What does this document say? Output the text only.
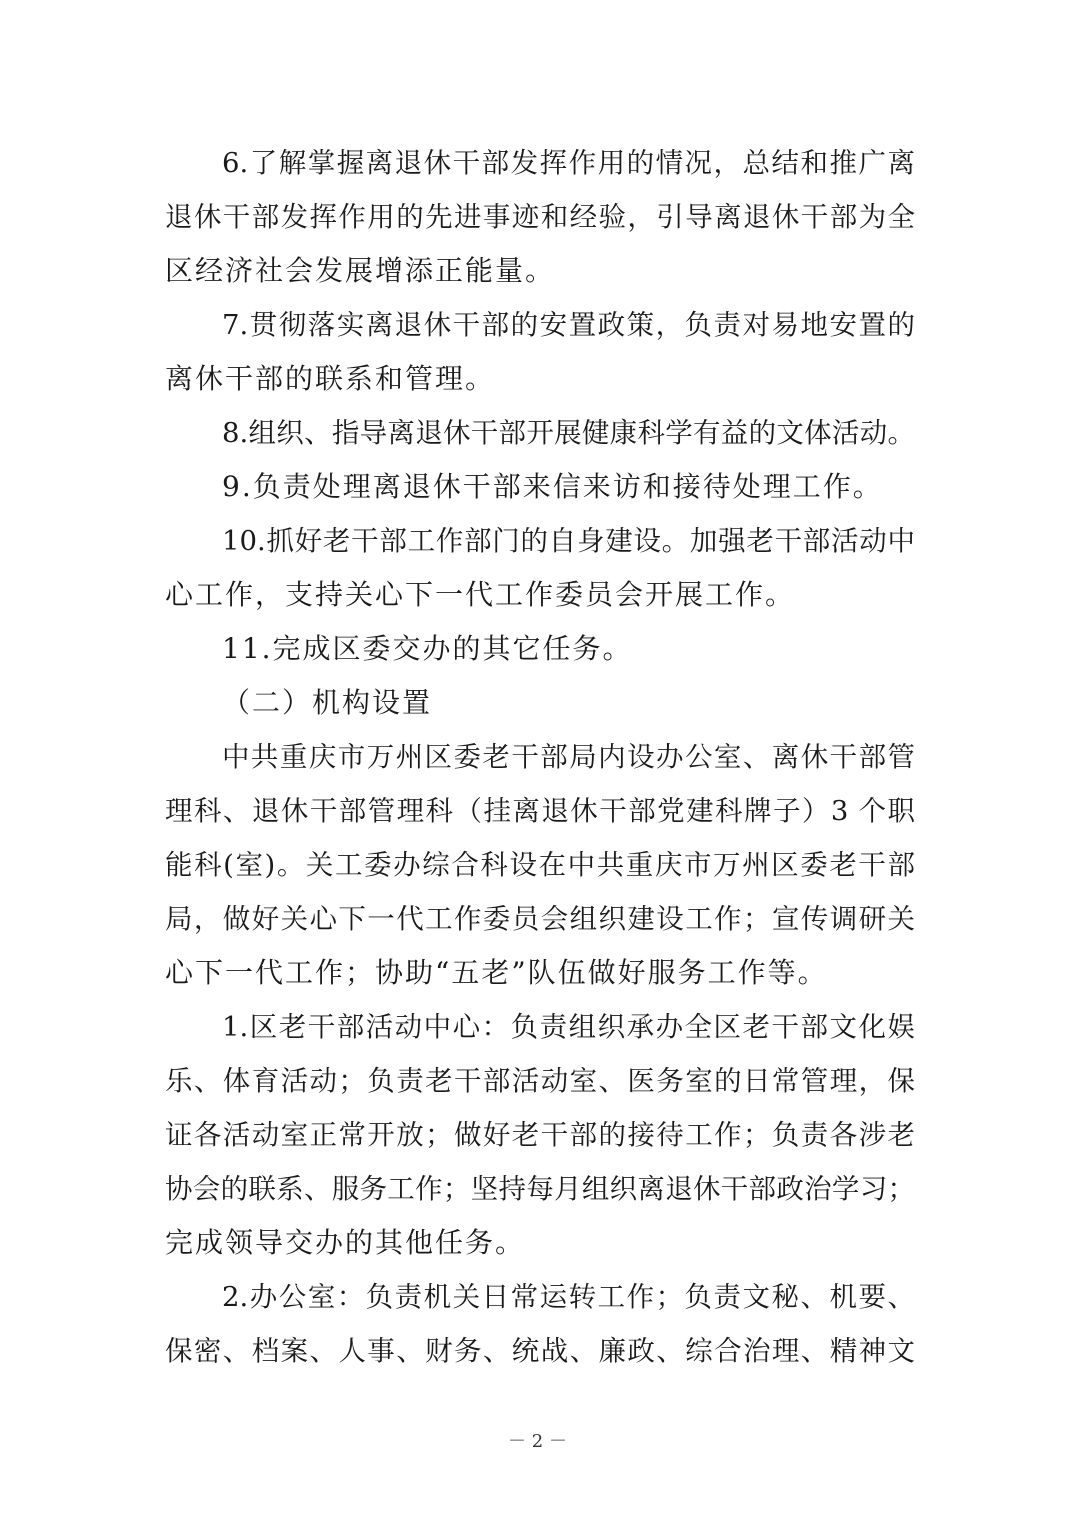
6.了解掌握离退休干部发挥作用的情况，总结和推广离
退休干部发挥作用的先进事迹和经验，引导离退休干部为全
区经济社会发展增添正能量。
7.贯彻落实离退休干部的安置政策，负责对易地安置的
离休干部的联系和管理。
8.组织、指导离退休干部开展健康科学有益的文体活动。
9.负责处理离退休干部来信来访和接待处理工作。
10.抓好老干部工作部门的自身建设。加强老干部活动中
心工作，支持关心下一代工作委员会开展工作。
11.完成区委交办的其它任务。
（二）机构设置
中共重庆市万州区委老干部局内设办公室、离休干部管
理科、退休干部管理科（挂离退休干部党建科牌子）3 个职
能科(室)。关工委办综合科设在中共重庆市万州区委老干部
局，做好关心下一代工作委员会组织建设工作；宣传调研关
心下一代工作；协助“五老”队伍做好服务工作等。
1.区老干部活动中心：负责组织承办全区老干部文化娱
乐、体育活动；负责老干部活动室、医务室的日常管理，保
证各活动室正常开放；做好老干部的接待工作；负责各涉老
协会的联系、服务工作；坚持每月组织离退休干部政治学习；
完成领导交办的其他任务。
2.办公室：负责机关日常运转工作；负责文秘、机要、
保密、档案、人事、财务、统战、廉政、综合治理、精神文
－ 2 －
